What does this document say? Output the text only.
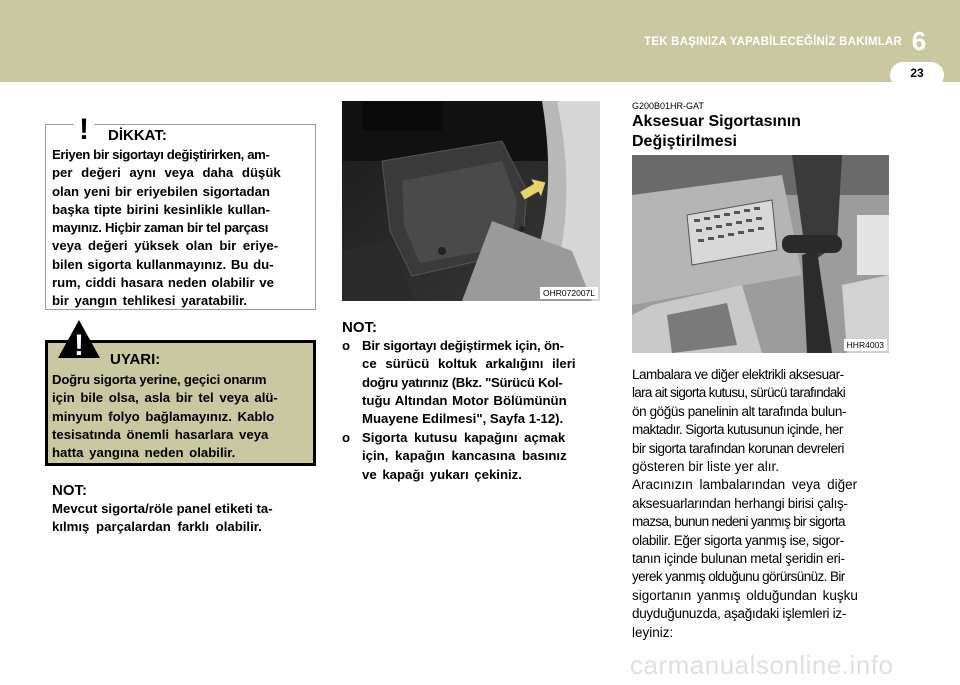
TEK BAŞINIZA YAPABİLECEĞİNİZ BAKIMLAR 6
23
! DİKKAT:
Eriyen bir sigortayı değiştirirken, am-
per değeri aynı veya daha düşük
olan yeni bir eriyebilen sigortadan
başka tipte birini kesinlikle kullan-
mayınız. Hiçbir zaman bir tel parçası
veya değeri yüksek olan bir eriye-
bilen sigorta kullanmayınız. Bu du-
rum, ciddi hasara neden olabilir ve
bir yangın tehlikesi yaratabilir.
! UYARI:
Doğru sigorta yerine, geçici onarım
için bile olsa, asla bir tel veya alü-
minyum folyo bağlamayınız. Kablo
tesisatında önemli hasarlara veya
hatta yangına neden olabilir.
NOT:
Mevcut sigorta/röle panel etiketi ta-
kılmış parçalardan farklı olabilir.
OHR072007L
NOT:
o Bir sigortayı değiştirmek için, ön-
ce sürücü koltuk arkalığını ileri
doğru yatırınız (Bkz. "Sürücü Kol-
tuğu Altından Motor Bölümünün
Muayene Edilmesi", Sayfa 1-12).
o Sigorta kutusu kapağını açmak
için, kapağın kancasına basınız
ve kapağı yukarı çekiniz.
G200B01HR-GAT
Aksesuar Sigortasının
Değiştirilmesi
HHR4003
Lambalara ve diğer elektrikli aksesuar-
lara ait sigorta kutusu, sürücü tarafındaki
ön göğüs panelinin alt tarafında bulun-
maktadır. Sigorta kutusunun içinde, her
bir sigorta tarafından korunan devreleri
gösteren bir liste yer alır.
Aracınızın lambalarından veya diğer
aksesuarlarından herhangi birisi çalış-
mazsa, bunun nedeni yanmış bir sigorta
olabilir. Eğer sigorta yanmış ise, sigor-
tanın içinde bulunan metal şeridin eri-
yerek yanmış olduğunu görürsünüz. Bir
sigortanın yanmış olduğundan kuşku
duyduğunuzda, aşağıdaki işlemleri iz-
leyiniz:
carmanualsonline.info
